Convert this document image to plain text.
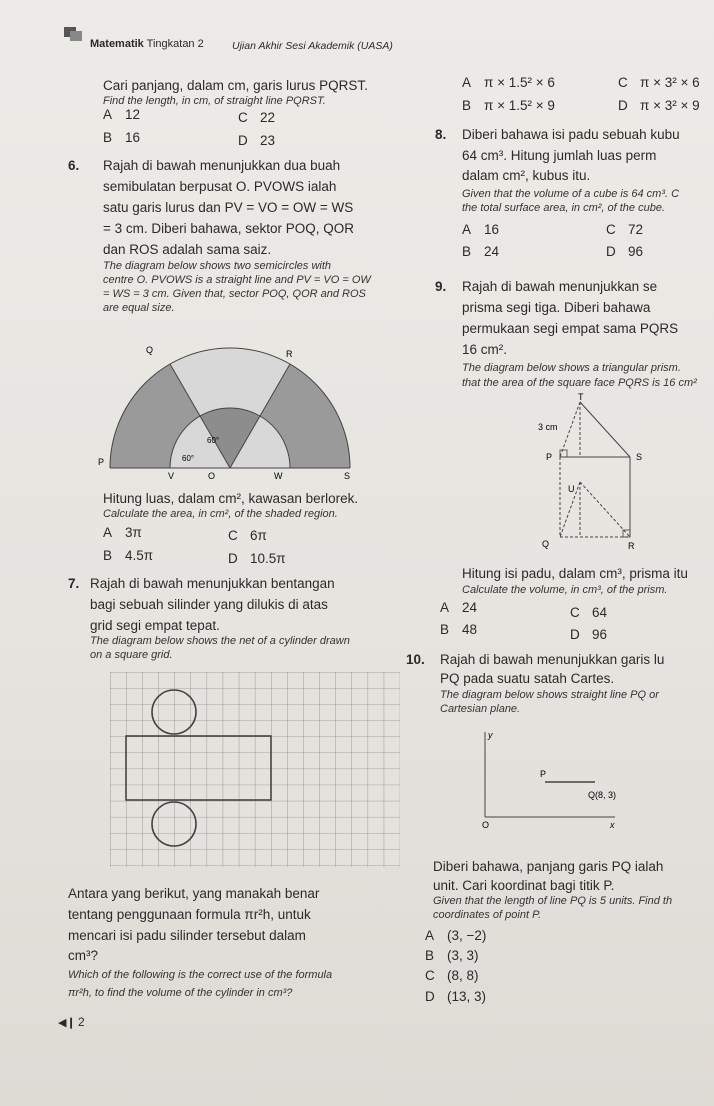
Matematik Tingkatan 2	Ujian Akhir Sesi Akademik (UASA)
Cari panjang, dalam cm, garis lurus PQRST.
Find the length, in cm, of straight line PQRST.
A 12	C 22
B 16	D 23
6. Rajah di bawah menunjukkan dua buah
semibulatan berpusat O. PVOWS ialah
satu garis lurus dan PV = VO = OW = WS
= 3 cm. Diberi bahawa, sektor POQ, QOR
dan ROS adalah sama saiz.
The diagram below shows two semicircles with
centre O. PVOWS is a straight line and PV = VO = OW
= WS = 3 cm. Given that, sector POQ, QOR and ROS
are equal size.
Q	R
P
V	O	W	S
60°
60°
Hitung luas, dalam cm², kawasan berlorek.
Calculate the area, in cm², of the shaded region.
A 3π	C 6π
B 4.5π	D 10.5π
7. Rajah di bawah menunjukkan bentangan
bagi sebuah silinder yang dilukis di atas
grid segi empat tepat.
The diagram below shows the net of a cylinder drawn
on a square grid.
Antara yang berikut, yang manakah benar
tentang penggunaan formula πr²h, untuk
mencari isi padu silinder tersebut dalam
cm³?
Which of the following is the correct use of the formula
πr²h, to find the volume of the cylinder in cm³?
A π × 1.5² × 6	C π × 3² × 6
B π × 1.5² × 9	D π × 3² × 9
8. Diberi bahawa isi padu sebuah kubu
64 cm³. Hitung jumlah luas perm
dalam cm², kubus itu.
Given that the volume of a cube is 64 cm³. C
the total surface area, in cm², of the cube.
A 16	C 72
B 24	D 96
9. Rajah di bawah menunjukkan se
prisma segi tiga. Diberi bahawa
permukaan segi empat sama PQRS
16 cm².
The diagram below shows a triangular prism.
that the area of the square face PQRS is 16 cm²
T
3 cm
P	S
U
Q	R
Hitung isi padu, dalam cm³, prisma itu
Calculate the volume, in cm³, of the prism.
A 24	C 64
B 48	D 96
10. Rajah di bawah menunjukkan garis lu
PQ pada suatu satah Cartes.
The diagram below shows straight line PQ or
Cartesian plane.
y
P
Q(8, 3)
O	x
Diberi bahawa, panjang garis PQ ialah
unit. Cari koordinat bagi titik P.
Given that the length of line PQ is 5 units. Find th
coordinates of point P.
A (3, −2)
B (3, 3)
C (8, 8)
D (13, 3)
◀❙ 2
